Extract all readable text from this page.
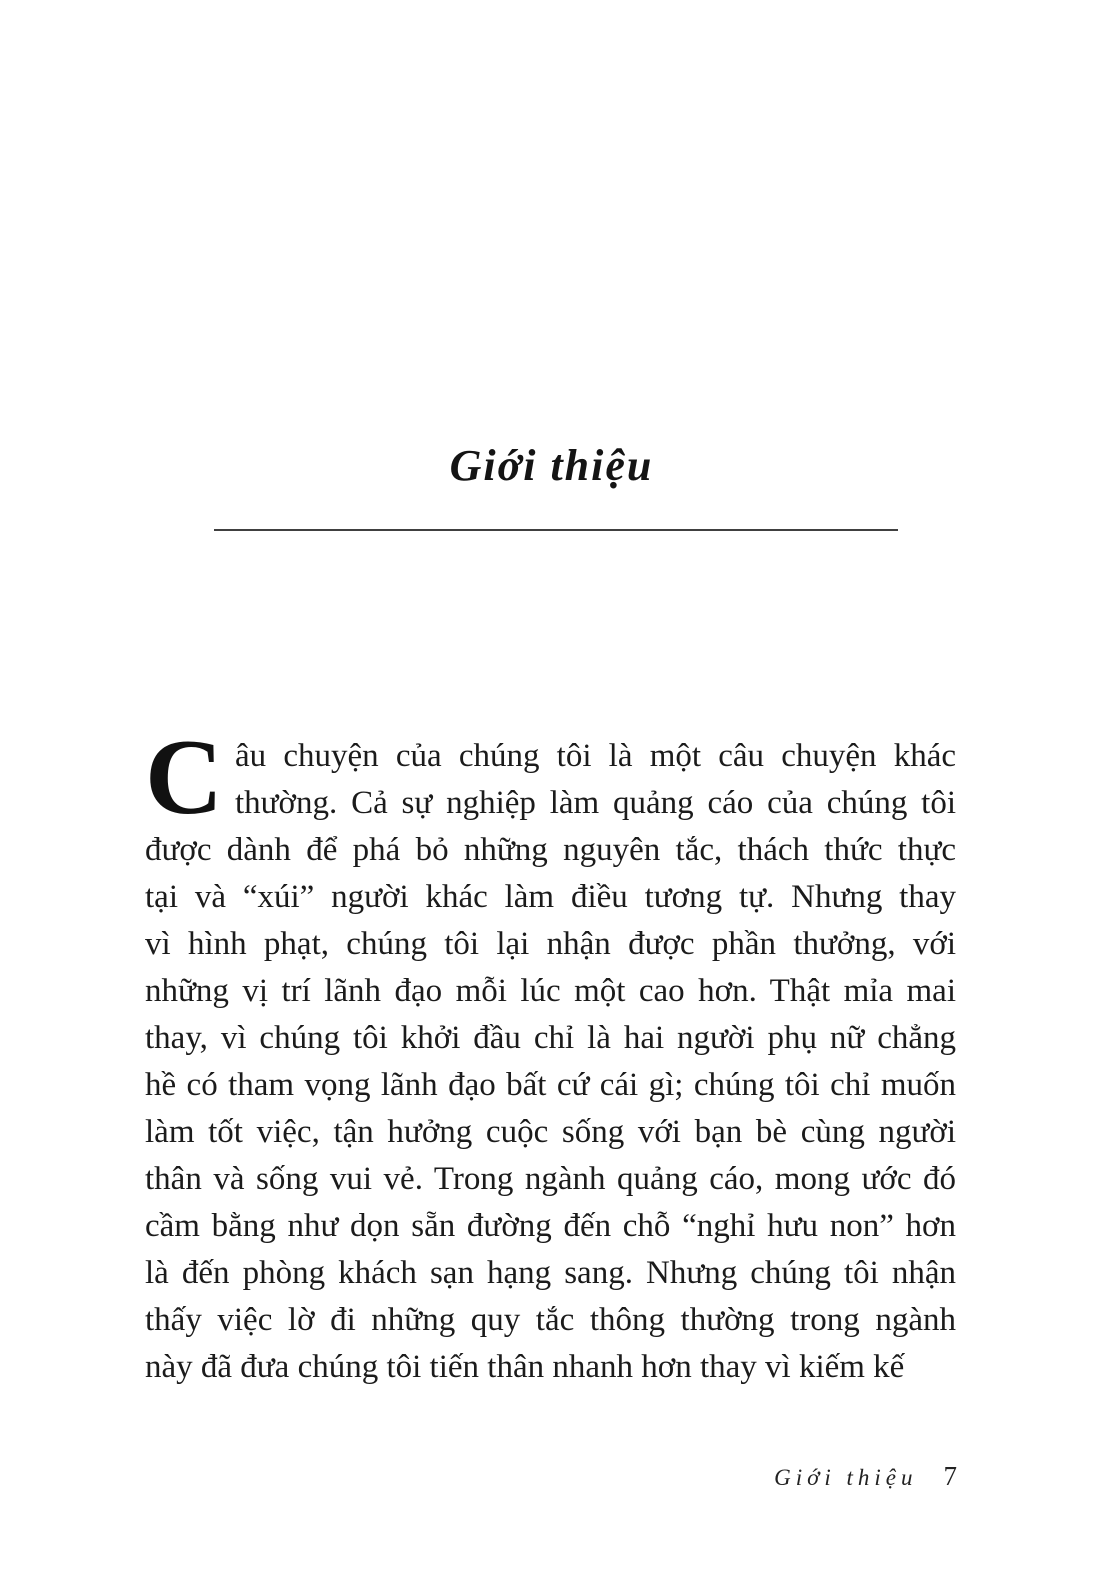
Giới thiệu
C âu chuyện của chúng tôi là một câu chuyện khác
thường. Cả sự nghiệp làm quảng cáo của chúng tôi
được dành để phá bỏ những nguyên tắc, thách thức thực
tại và “xúi” người khác làm điều tương tự. Nhưng thay
vì hình phạt, chúng tôi lại nhận được phần thưởng, với
những vị trí lãnh đạo mỗi lúc một cao hơn. Thật mỉa mai
thay, vì chúng tôi khởi đầu chỉ là hai người phụ nữ chẳng
hề có tham vọng lãnh đạo bất cứ cái gì; chúng tôi chỉ muốn
làm tốt việc, tận hưởng cuộc sống với bạn bè cùng người
thân và sống vui vẻ. Trong ngành quảng cáo, mong ước đó
cầm bằng như dọn sẵn đường đến chỗ “nghỉ hưu non” hơn
là đến phòng khách sạn hạng sang. Nhưng chúng tôi nhận
thấy việc lờ đi những quy tắc thông thường trong ngành
này đã đưa chúng tôi tiến thân nhanh hơn thay vì kiếm kế
Giới thiệu 7
